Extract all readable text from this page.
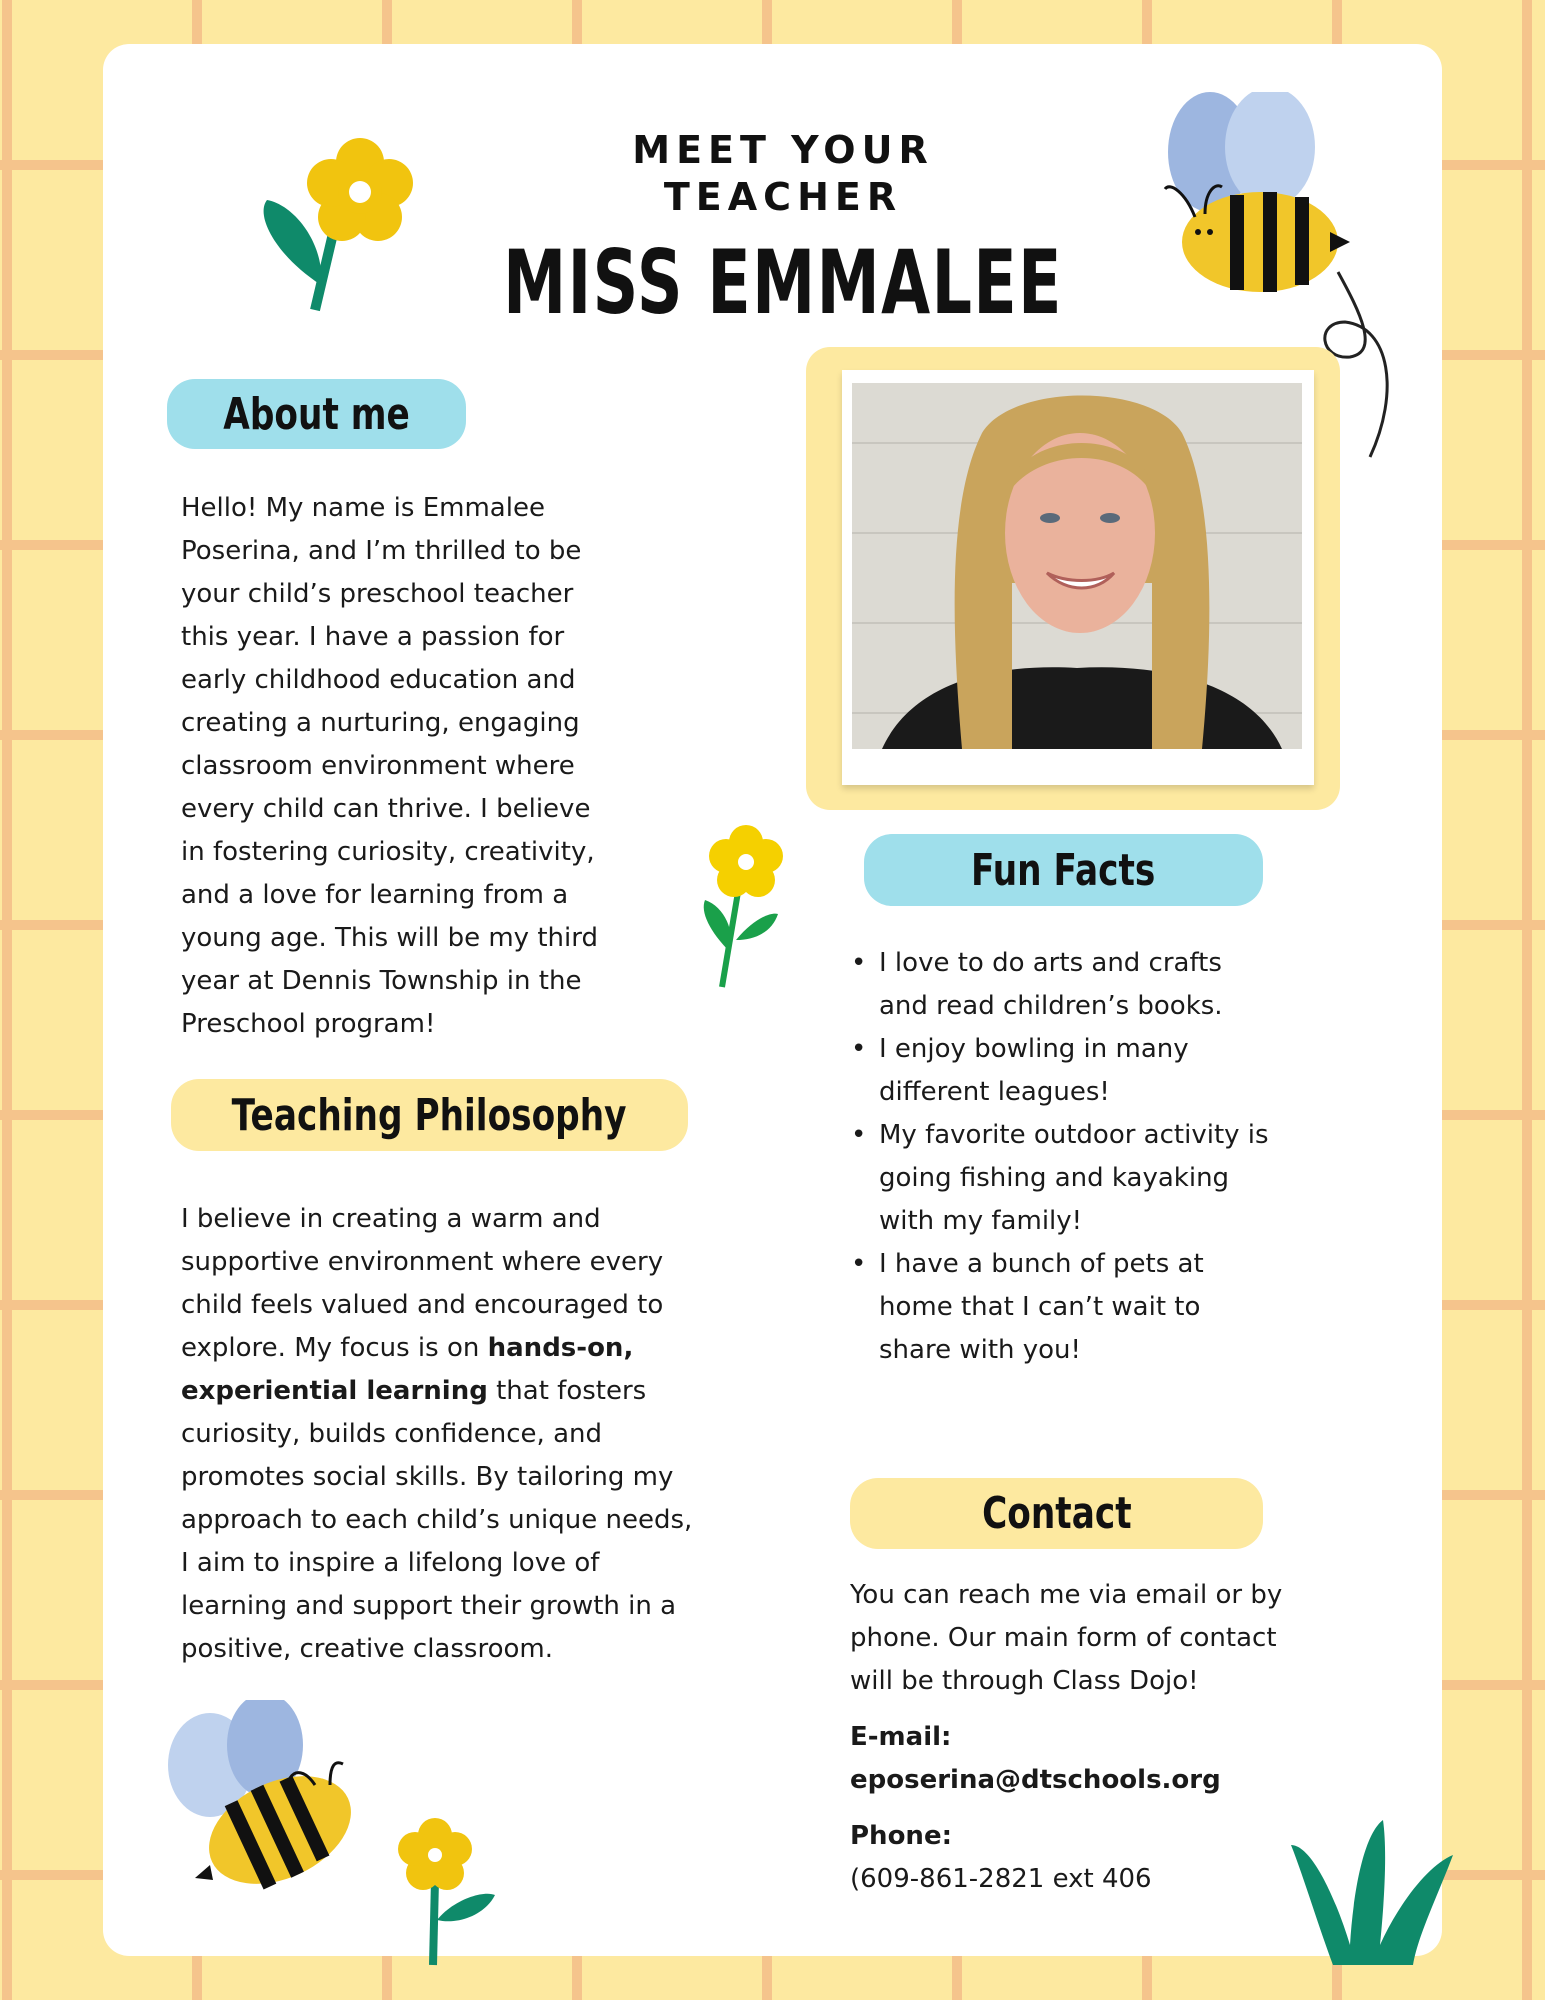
MEET YOUR
TEACHER
MISS EMMALEE
About me
Hello! My name is Emmalee
Poserina, and I’m thrilled to be
your child’s preschool teacher
this year. I have a passion for
early childhood education and
creating a nurturing, engaging
classroom environment where
every child can thrive. I believe
in fostering curiosity, creativity,
and a love for learning from a
young age. This will be my third
year at Dennis Township in the
Preschool program!
Fun Facts
• I love to do arts and crafts
and read children’s books.
• I enjoy bowling in many
different leagues!
• My favorite outdoor activity is
going fishing and kayaking
with my family!
• I have a bunch of pets at
home that I can’t wait to
share with you!
Teaching Philosophy
I believe in creating a warm and
supportive environment where every
child feels valued and encouraged to
explore. My focus is on hands-on,
experiential learning that fosters
curiosity, builds confidence, and
promotes social skills. By tailoring my
approach to each child’s unique needs,
I aim to inspire a lifelong love of
learning and support their growth in a
positive, creative classroom.
Contact
You can reach me via email or by
phone. Our main form of contact
will be through Class Dojo!
E-mail:
eposerina@dtschools.org
Phone:
(609-861-2821 ext 406
